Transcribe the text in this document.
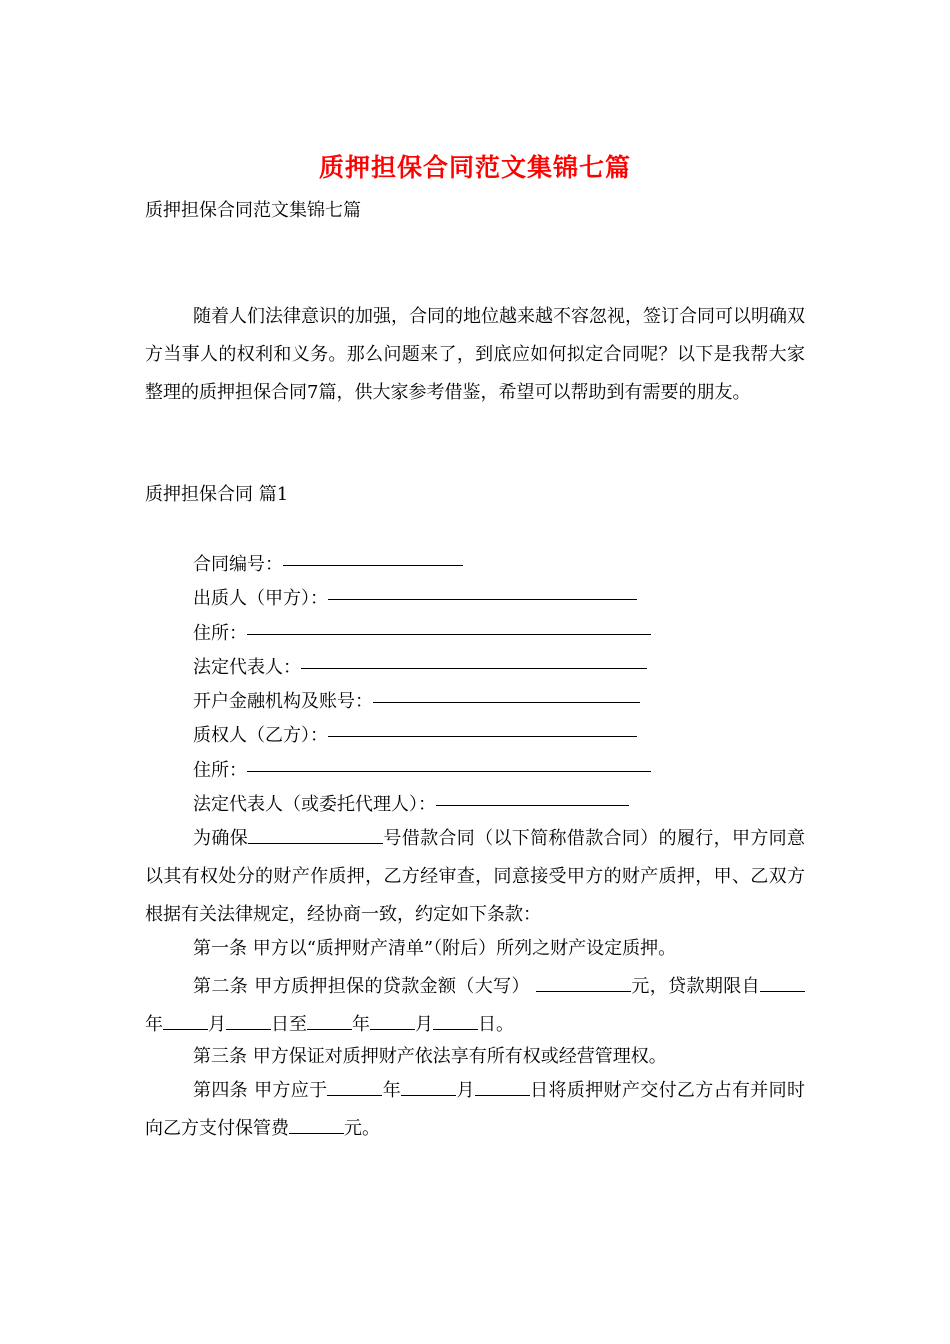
质押担保合同范文集锦七篇
质押担保合同范文集锦七篇

随着人们法律意识的加强，合同的地位越来越不容忽视，签订合同可以明确双方当事人的权利和义务。那么问题来了，到底应如何拟定合同呢？以下是我帮大家整理的质押担保合同7篇，供大家参考借鉴，希望可以帮助到有需要的朋友。

质押担保合同 篇1
合同编号：
出质人（甲方）：
住所：
法定代表人：
开户金融机构及账号：
质权人（乙方）：
住所：
法定代表人（或委托代理人）：

为确保	号借款合同（以下简称借款合同）的履行，甲方同意以其有权处分的财产作质押，乙方经审查，同意接受甲方的财产质押，甲、乙双方根据有关法律规定，经协商一致，约定如下条款：

第一条 甲方以“质押财产清单”（附后）所列之财产设定质押。

第二条 甲方质押担保的贷款金额（大写）	元，贷款期限自年	月	日至	年	月	日。

第三条 甲方保证对质押财产依法享有所有权或经营管理权。

第四条 甲方应于	年	月	日将质押财产交付乙方占有并同时向乙方支付保管费	元。
